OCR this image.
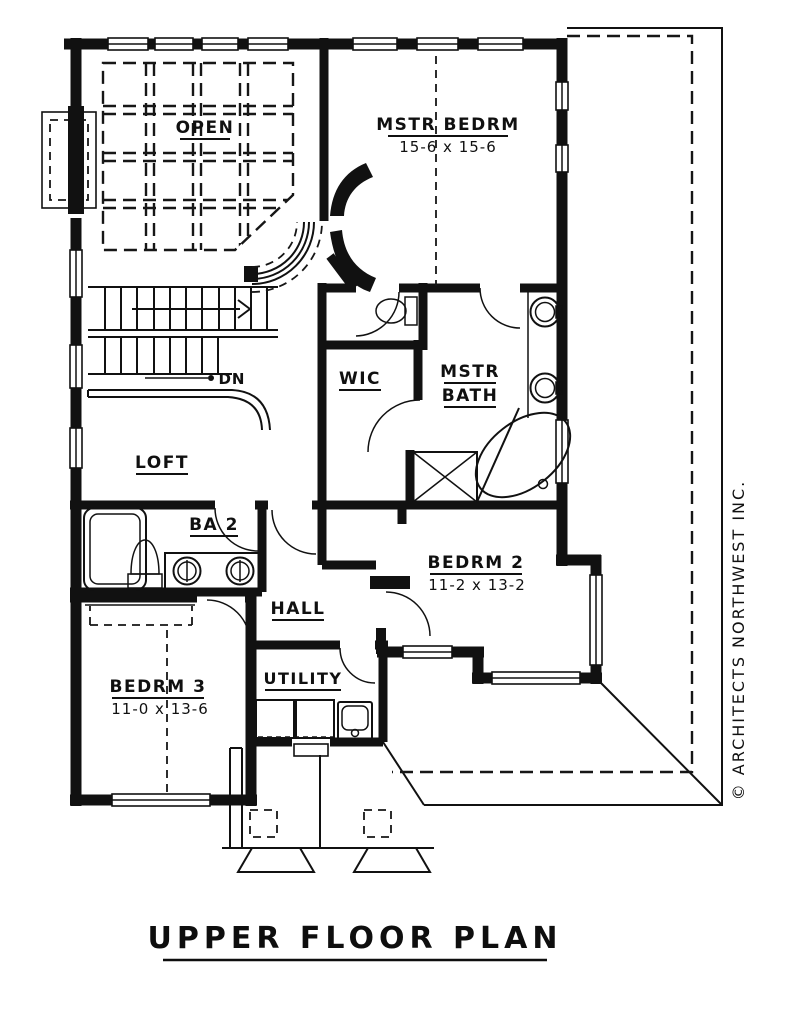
DN
OPEN	MSTR BEDRM
15-6 x 15-6
LOFT
WIC	MSTR
BATH
BA 2
HALL
BEDRM 2
11-2 x 13-2
BEDRM 3
11-0 x 13-6
UTILITY	© ARCHITECTS NORTHWEST INC.
UPPER FLOOR PLAN
